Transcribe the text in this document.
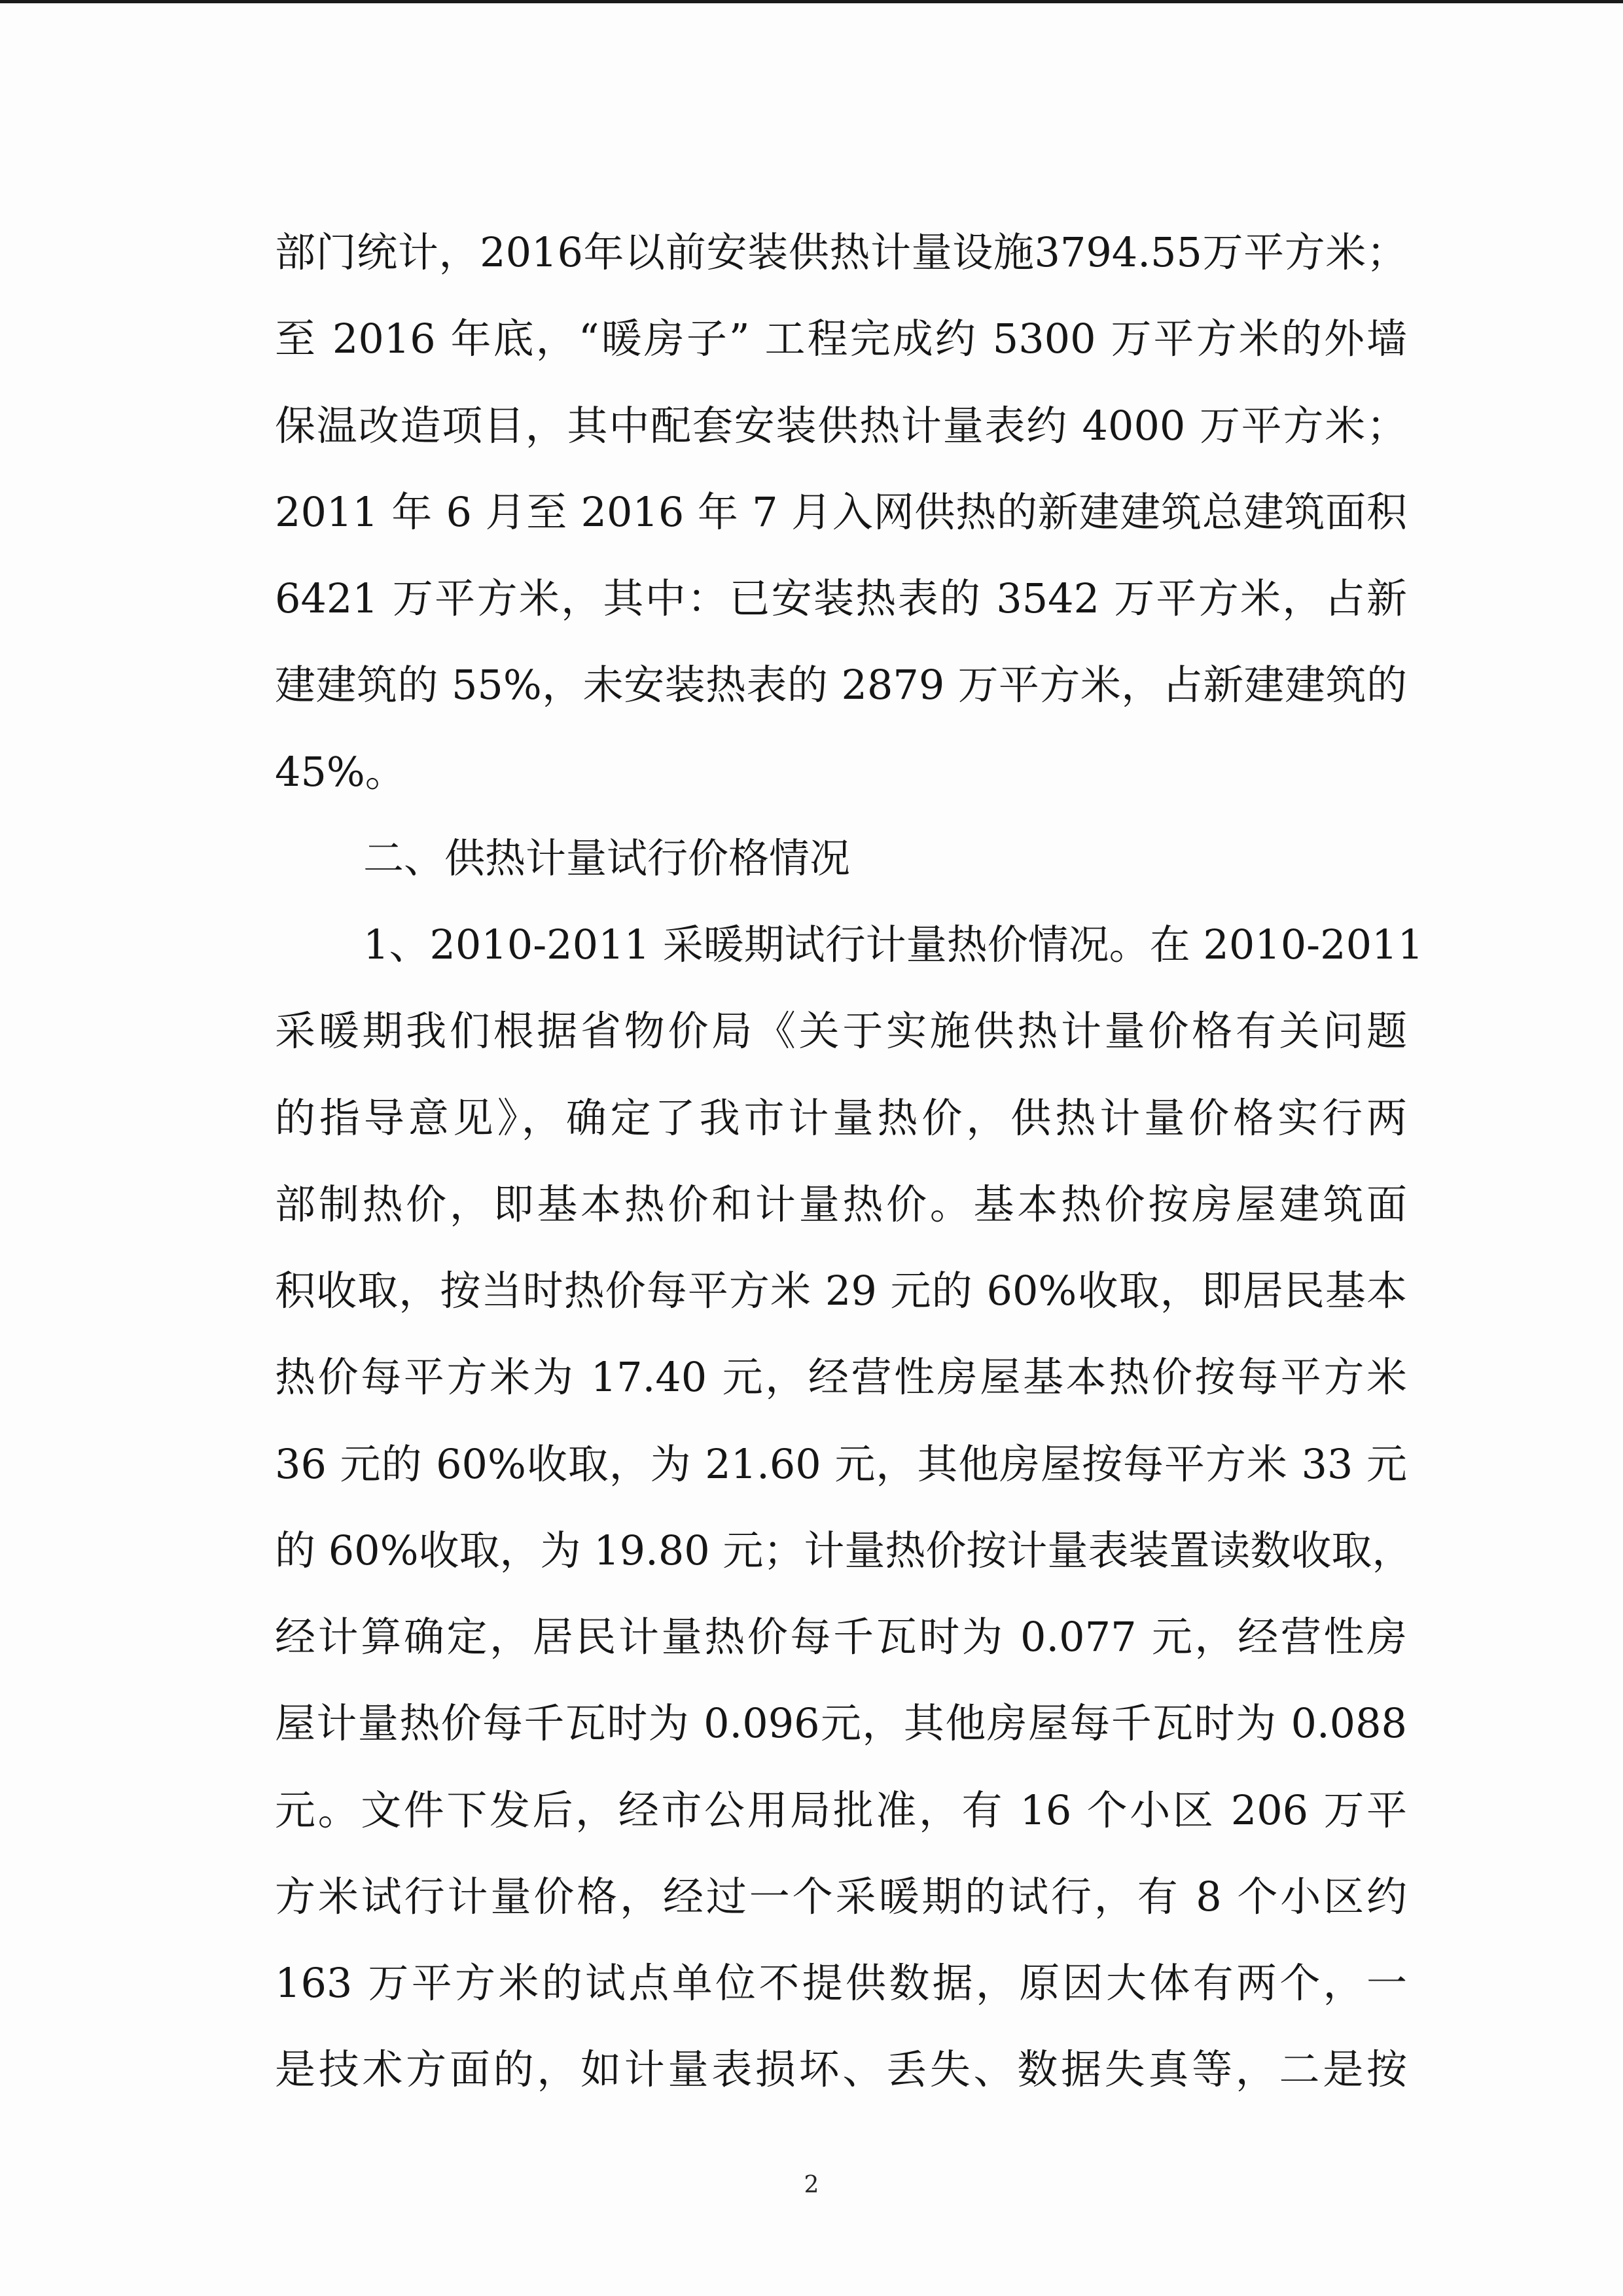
部门统计，2016年以前安装供热计量设施3794.55万平方米；
至 2016 年底，“暖房子” 工程完成约 5300 万平方米的外墙
保温改造项目，其中配套安装供热计量表约 4000 万平方米；
2011 年 6 月至 2016 年 7 月入网供热的新建建筑总建筑面积
6421 万平方米，其中：已安装热表的 3542 万平方米，占新
建建筑的 55%，未安装热表的 2879 万平方米，占新建建筑的
45%。
二、供热计量试行价格情况
1、2010-2011 采暖期试行计量热价情况。在 2010-2011
采暖期我们根据省物价局《关于实施供热计量价格有关问题
的指导意见》，确定了我市计量热价，供热计量价格实行两
部制热价，即基本热价和计量热价。基本热价按房屋建筑面
积收取，按当时热价每平方米 29 元的 60%收取，即居民基本
热价每平方米为 17.40 元，经营性房屋基本热价按每平方米
36 元的 60%收取，为 21.60 元，其他房屋按每平方米 33 元
的 60%收取，为 19.80 元；计量热价按计量表装置读数收取，
经计算确定，居民计量热价每千瓦时为 0.077 元，经营性房
屋计量热价每千瓦时为 0.096元，其他房屋每千瓦时为 0.088
元。文件下发后，经市公用局批准，有 16 个小区 206 万平
方米试行计量价格，经过一个采暖期的试行，有 8 个小区约
163 万平方米的试点单位不提供数据，原因大体有两个，一
是技术方面的，如计量表损坏、丢失、数据失真等，二是按
2
